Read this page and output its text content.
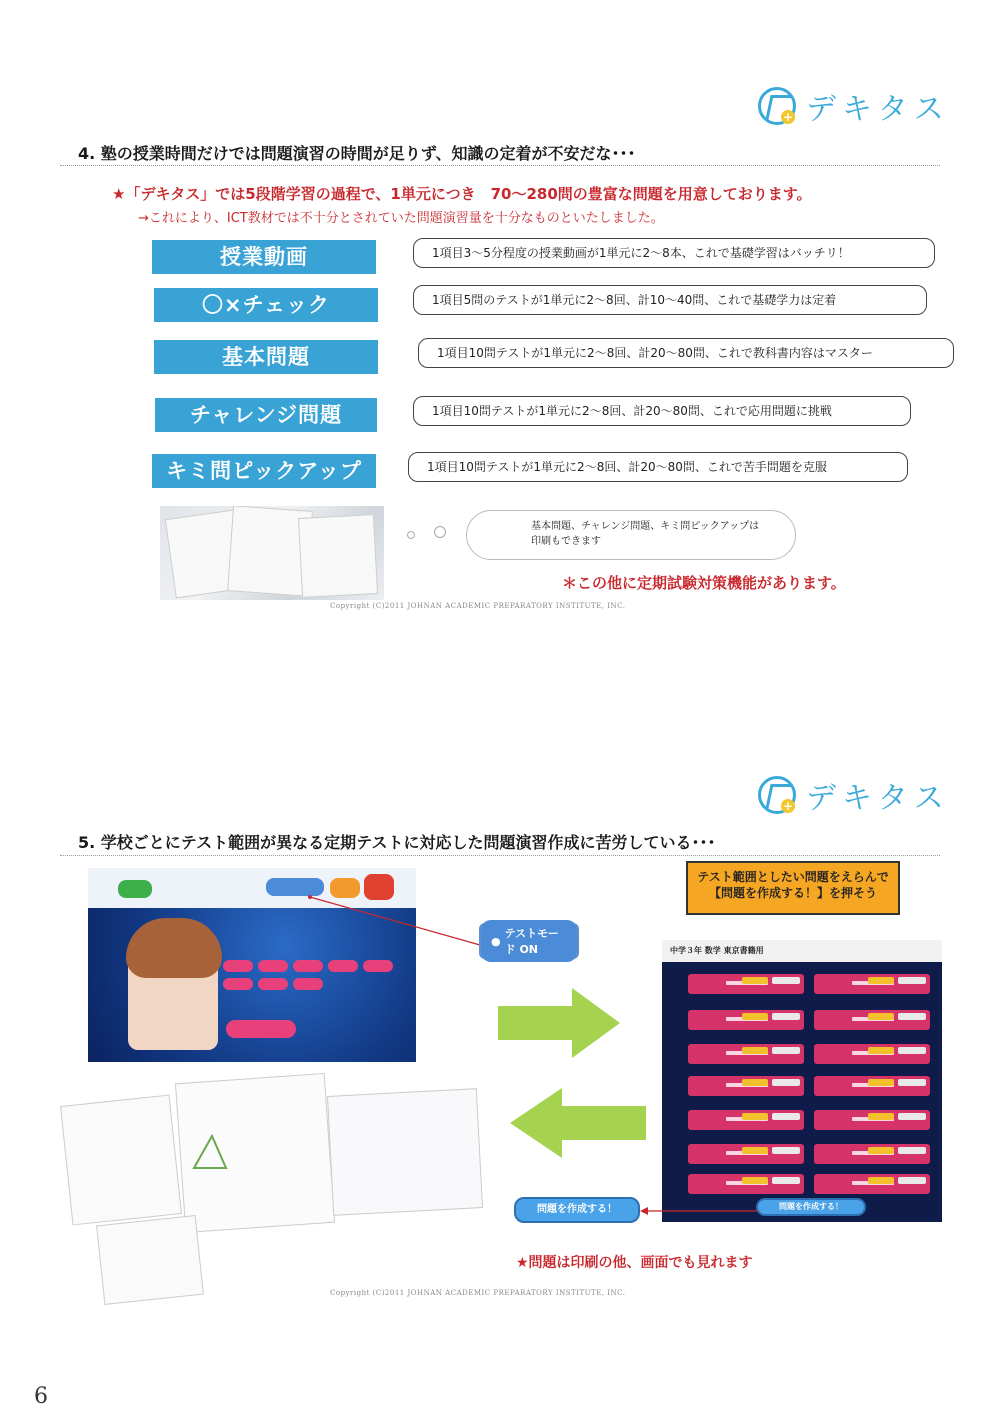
+ デキタス
4. 塾の授業時間だけでは問題演習の時間が足りず、知識の定着が不安だな･･･
★「デキタス」では5段階学習の過程で、1単元につき　70～280問の豊富な問題を用意しております。
→これにより、ICT教材では不十分とされていた問題演習量を十分なものといたしました。
授業動画	1項目3～5分程度の授業動画が1単元に2～8本、これで基礎学習はバッチリ！
〇×チェック	1項目5問のテストが1単元に2～8回、計10～40問、これで基礎学力は定着
基本問題	1項目10問テストが1単元に2～8回、計20～80問、これで教科書内容はマスター
チャレンジ問題	1項目10問テストが1単元に2～8回、計20～80問、これで応用問題に挑戦
キミ問ピックアップ	1項目10問テストが1単元に2～8回、計20～80問、これで苦手問題を克服
基本問題、チャレンジ問題、キミ問ピックアップは
印刷もできます
＊この他に定期試験対策機能があります。
Copyright (C)2011 JOHNAN ACADEMIC PREPARATORY INSTITUTE, INC.
+ デキタス
5. 学校ごとにテスト範囲が異なる定期テストに対応した問題演習作成に苦労している･･･
●
テストモード ON
テスト範囲としたい問題をえらんで
【問題を作成する！】を押そう
中学３年 数学 東京書籍用
問題を作成する！
問題を作成する！
★問題は印刷の他、画面でも見れます
Copyright (C)2011 JOHNAN ACADEMIC PREPARATORY INSTITUTE, INC.
6
